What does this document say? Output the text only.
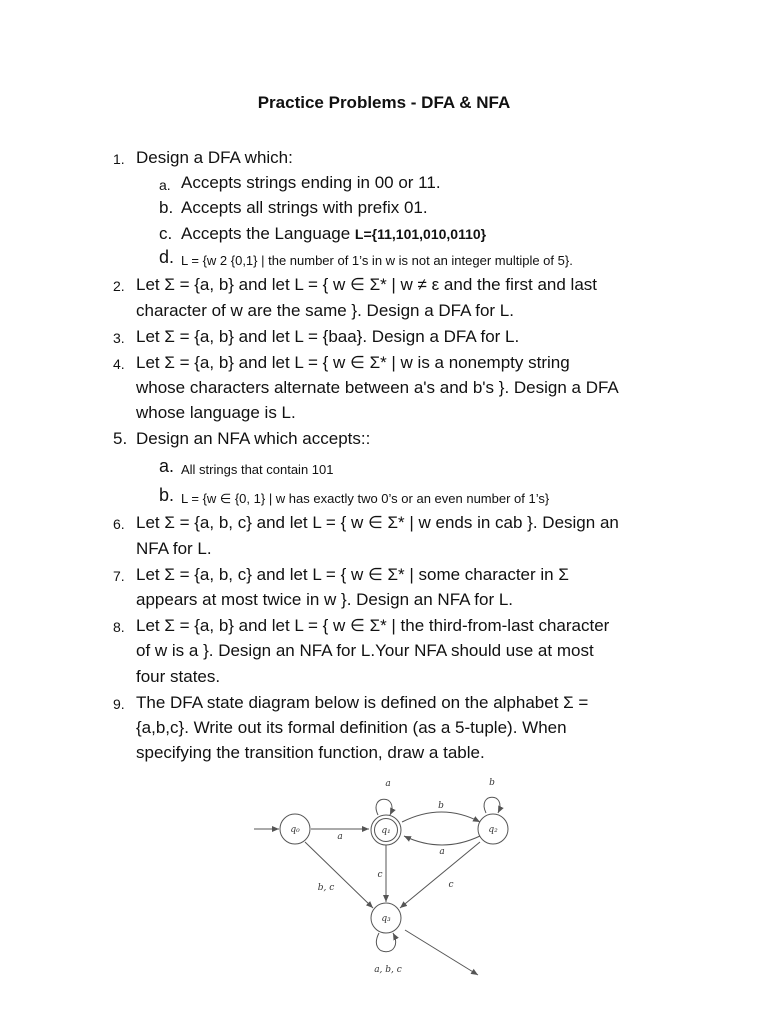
Practice Problems - DFA & NFA
1. Design a DFA which:
a. Accepts strings ending in 00 or 11.
b. Accepts all strings with prefix 01.
c. Accepts the Language L={11,101,010,0110}
d. L = {w 2 {0,1} | the number of 1’s in w is not an integer multiple of 5}.
2. Let Σ = {a, b} and let L = { w ∈ Σ* | w ≠ ε and the first and last
character of w are the same }. Design a DFA for L.
3. Let Σ = {a, b} and let L = {baa}. Design a DFA for L.
4. Let Σ = {a, b} and let L = { w ∈ Σ* | w is a nonempty string
whose characters alternate between a's and b's }. Design a DFA
whose language is L.
5. Design an NFA which accepts::
a. All strings that contain 101
b. L = {w ∈ {0, 1} | w has exactly two 0’s or an even number of 1’s}
6. Let Σ = {a, b, c} and let L = { w ∈ Σ* | w ends in cab }. Design an
NFA for L.
7. Let Σ = {a, b, c} and let L = { w ∈ Σ* | some character in Σ
appears at most twice in w }. Design an NFA for L.
8. Let Σ = {a, b} and let L = { w ∈ Σ* | the third-from-last character
of w is a }. Design an NFA for L.Your NFA should use at most
four states.
9. The DFA state diagram below is defined on the alphabet Σ =
{a,b,c}. Write out its formal definition (as a 5-tuple). When
specifying the transition function, draw a table.
a
a
b
a
b
b, c
c
c
a, b, c
q₀	q₁	q₂
q₃
